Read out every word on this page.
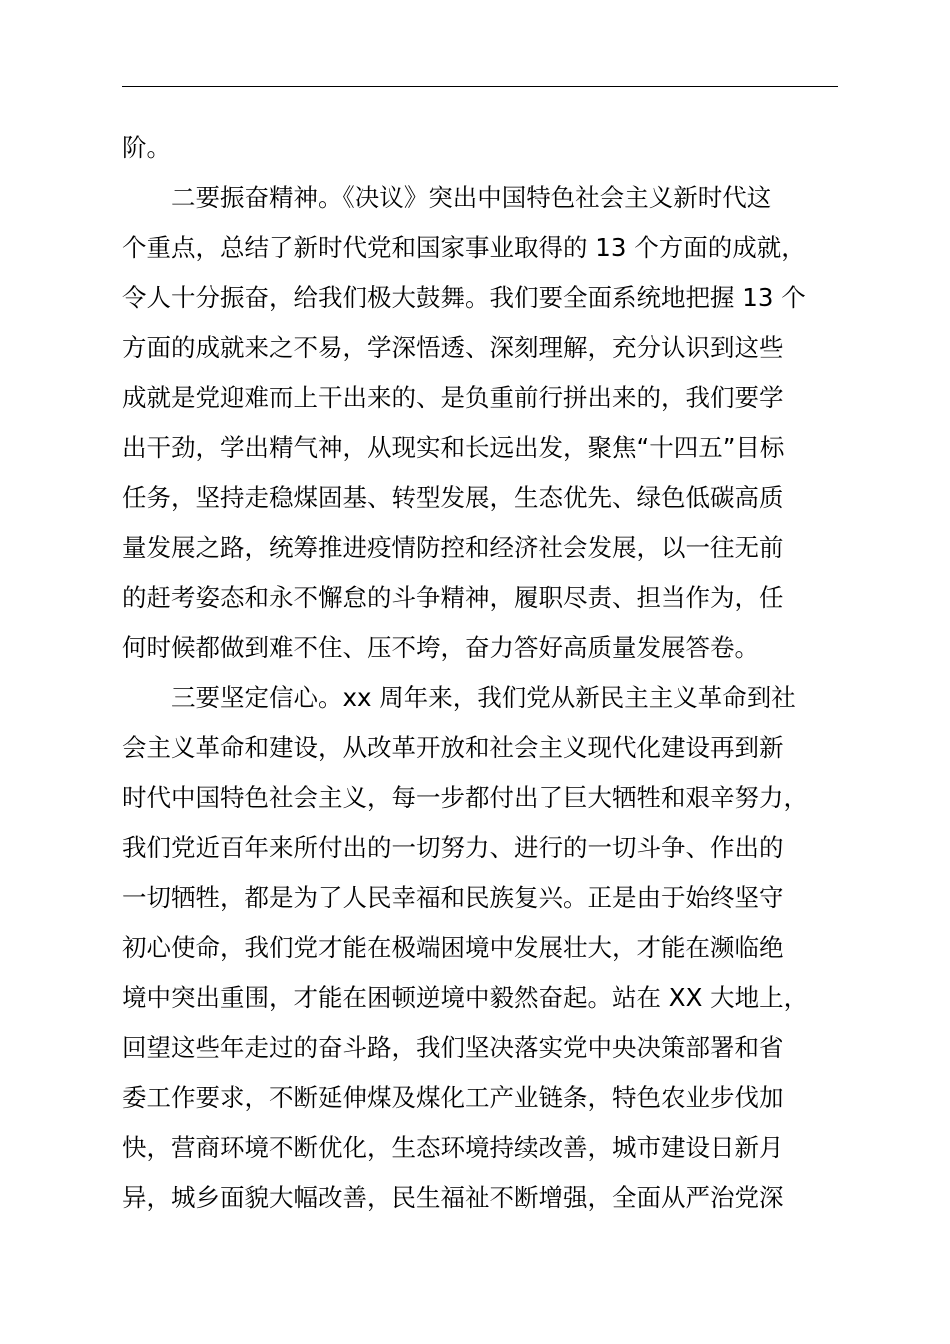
阶。
二要振奋精神。《决议》突出中国特色社会主义新时代这
个重点，总结了新时代党和国家事业取得的 13 个方面的成就，
令人十分振奋，给我们极大鼓舞。我们要全面系统地把握 13 个
方面的成就来之不易，学深悟透、深刻理解，充分认识到这些
成就是党迎难而上干出来的、是负重前行拼出来的，我们要学
出干劲，学出精气神，从现实和长远出发，聚焦“十四五”目标
任务，坚持走稳煤固基、转型发展，生态优先、绿色低碳高质
量发展之路，统筹推进疫情防控和经济社会发展，以一往无前
的赶考姿态和永不懈怠的斗争精神，履职尽责、担当作为，任
何时候都做到难不住、压不垮，奋力答好高质量发展答卷。
三要坚定信心。xx 周年来，我们党从新民主主义革命到社
会主义革命和建设，从改革开放和社会主义现代化建设再到新
时代中国特色社会主义，每一步都付出了巨大牺牲和艰辛努力，
我们党近百年来所付出的一切努力、进行的一切斗争、作出的
一切牺牲，都是为了人民幸福和民族复兴。正是由于始终坚守
初心使命，我们党才能在极端困境中发展壮大，才能在濒临绝
境中突出重围，才能在困顿逆境中毅然奋起。站在 XX 大地上，
回望这些年走过的奋斗路，我们坚决落实党中央决策部署和省
委工作要求，不断延伸煤及煤化工产业链条，特色农业步伐加
快，营商环境不断优化，生态环境持续改善，城市建设日新月
异，城乡面貌大幅改善，民生福祉不断增强，全面从严治党深
